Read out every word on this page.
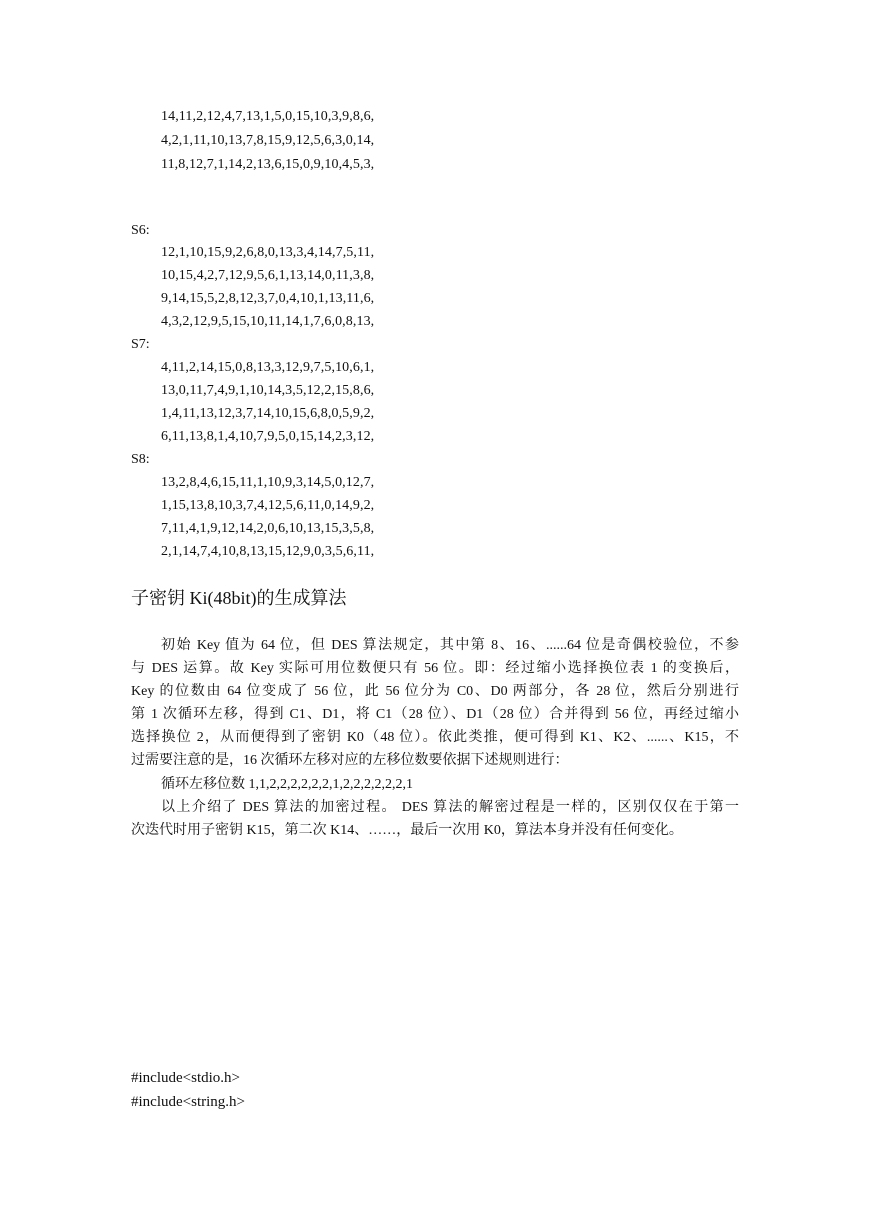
14,11,2,12,4,7,13,1,5,0,15,10,3,9,8,6,
4,2,1,11,10,13,7,8,15,9,12,5,6,3,0,14,
11,8,12,7,1,14,2,13,6,15,0,9,10,4,5,3,
S6:
12,1,10,15,9,2,6,8,0,13,3,4,14,7,5,11,
10,15,4,2,7,12,9,5,6,1,13,14,0,11,3,8,
9,14,15,5,2,8,12,3,7,0,4,10,1,13,11,6,
4,3,2,12,9,5,15,10,11,14,1,7,6,0,8,13,
S7:
4,11,2,14,15,0,8,13,3,12,9,7,5,10,6,1,
13,0,11,7,4,9,1,10,14,3,5,12,2,15,8,6,
1,4,11,13,12,3,7,14,10,15,6,8,0,5,9,2,
6,11,13,8,1,4,10,7,9,5,0,15,14,2,3,12,
S8:
13,2,8,4,6,15,11,1,10,9,3,14,5,0,12,7,
1,15,13,8,10,3,7,4,12,5,6,11,0,14,9,2,
7,11,4,1,9,12,14,2,0,6,10,13,15,3,5,8,
2,1,14,7,4,10,8,13,15,12,9,0,3,5,6,11,
子密钥 Ki(48bit)的生成算法

初始 Key 值为 64 位，但 DES 算法规定，其中第 8、16、......64 位是奇偶校验位，不参

与 DES 运算。故 Key 实际可用位数便只有 56 位。即：经过缩小选择换位表 1 的变换后，

Key 的位数由 64 位变成了 56 位，此 56 位分为 C0、D0 两部分，各 28 位，然后分别进行

第 1 次循环左移，得到 C1、D1，将 C1（28 位）、D1（28 位）合并得到 56 位，再经过缩小

选择换位 2，从而便得到了密钥 K0（48 位）。依此类推，便可得到 K1、K2、......、K15，不

过需要注意的是，16 次循环左移对应的左移位数要依据下述规则进行：

循环左移位数 1,1,2,2,2,2,2,2,1,2,2,2,2,2,2,1

以上介绍了 DES 算法的加密过程。 DES 算法的解密过程是一样的，区别仅仅在于第一

次迭代时用子密钥 K15，第二次 K14、……，最后一次用 K0，算法本身并没有任何变化。

#include<stdio.h>
#include<string.h>
